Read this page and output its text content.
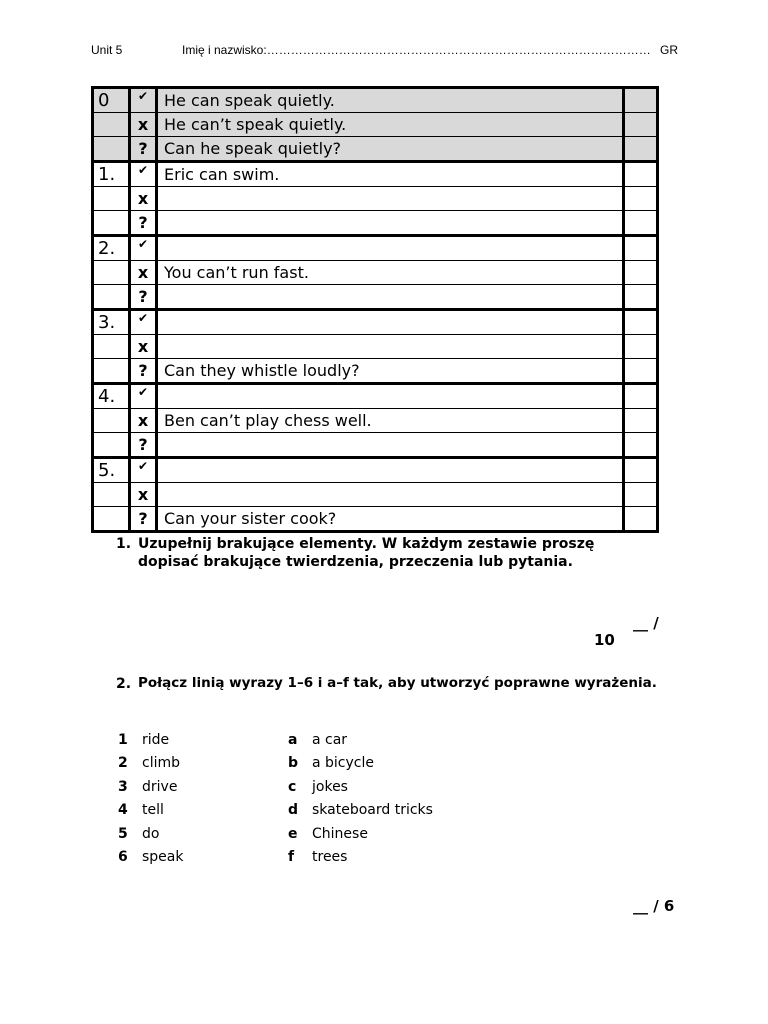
Unit 5	Imię i nazwisko:…………………………………………………………………………………… GR
0	✔	He can speak quietly.	
	x	He can’t speak quietly.	
	?	Can he speak quietly?	
1.	✔	Eric can swim.	
	x		
	?		
2.	✔		
	x	You can’t run fast.	
	?		
3.	✔		
	x		
	?	Can they whistle loudly?	
4.	✔		
	x	Ben can’t play chess well.	
	?		
5.	✔		
	x		
	?	Can your sister cook?	
1. Uzupełnij brakujące elementy. W każdym zestawie proszę dopisać brakujące twierdzenia, przeczenia lub pytania.
__ /
10
2. Połącz linią wyrazy 1–6 i a–f tak, aby utworzyć poprawne wyrażenia.
1 ride
2 climb
3 drive
4 tell
5 do
6 speak
a a car
b a bicycle
c jokes
d skateboard tricks
e Chinese
f trees
__ / 6
